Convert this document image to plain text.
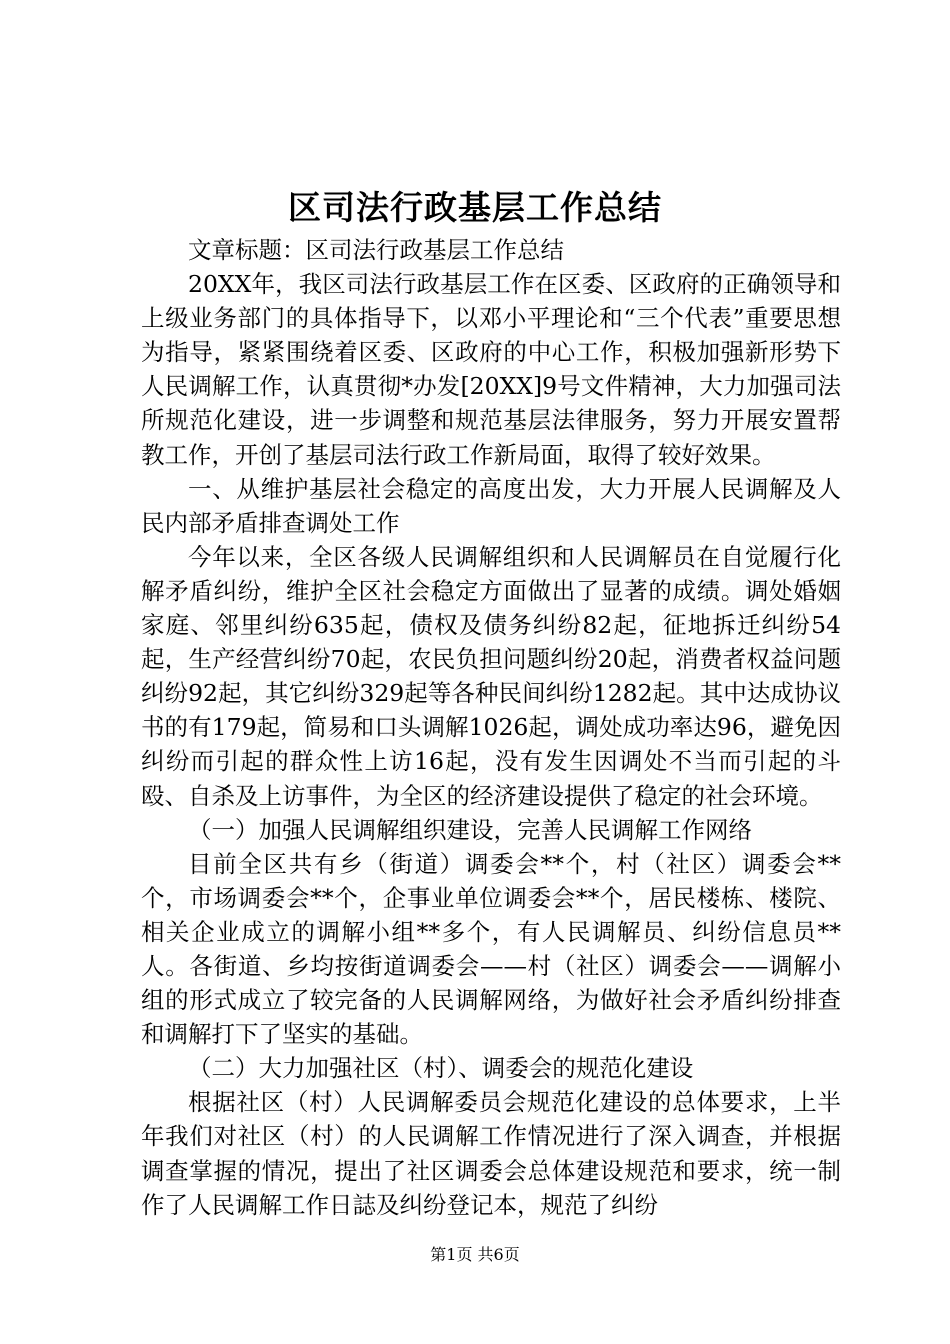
区司法行政基层工作总结

文章标题：区司法行政基层工作总结

20XX年，我区司法行政基层工作在区委、区政府的正确领导和上级业务部门的具体指导下，以邓小平理论和“三个代表”重要思想为指导，紧紧围绕着区委、区政府的中心工作，积极加强新形势下人民调解工作，认真贯彻*办发[20XX]9号文件精神，大力加强司法所规范化建设，进一步调整和规范基层法律服务，努力开展安置帮教工作，开创了基层司法行政工作新局面，取得了较好效果。

一、从维护基层社会稳定的高度出发，大力开展人民调解及人民内部矛盾排查调处工作

今年以来，全区各级人民调解组织和人民调解员在自觉履行化解矛盾纠纷，维护全区社会稳定方面做出了显著的成绩。调处婚姻家庭、邻里纠纷635起，债权及债务纠纷82起，征地拆迁纠纷54起，生产经营纠纷70起，农民负担问题纠纷20起，消费者权益问题纠纷92起，其它纠纷329起等各种民间纠纷1282起。其中达成协议书的有179起，简易和口头调解1026起，调处成功率达96，避免因纠纷而引起的群众性上访16起，没有发生因调处不当而引起的斗殴、自杀及上访事件，为全区的经济建设提供了稳定的社会环境。

（一）加强人民调解组织建设，完善人民调解工作网络

目前全区共有乡（街道）调委会**个，村（社区）调委会**个，市场调委会**个，企事业单位调委会**个，居民楼栋、楼院、相关企业成立的调解小组**多个，有人民调解员、纠纷信息员**人。各街道、乡均按街道调委会——村（社区）调委会——调解小组的形式成立了较完备的人民调解网络，为做好社会矛盾纠纷排查和调解打下了坚实的基础。

（二）大力加强社区（村）、调委会的规范化建设

根据社区（村）人民调解委员会规范化建设的总体要求，上半年我们对社区（村）的人民调解工作情况进行了深入调查，并根据调查掌握的情况，提出了社区调委会总体建设规范和要求，统一制作了人民调解工作日誌及纠纷登记本，规范了纠纷

第1页 共6页
